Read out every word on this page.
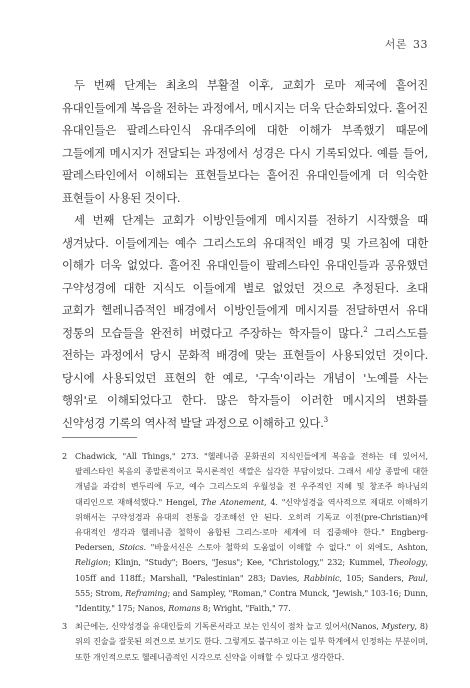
서론 33

두 번째 단계는 최초의 부활절 이후, 교회가 로마 제국에 흩어진 유대인들에게 복음을 전하는 과정에서, 메시지는 더욱 단순화되었다. 흩어진 유대인들은 팔레스타인식 유대주의에 대한 이해가 부족했기 때문에 그들에게 메시지가 전달되는 과정에서 성경은 다시 기록되었다. 예를 들어, 팔레스타인에서 이해되는 표현들보다는 흩어진 유대인들에게 더 익숙한 표현들이 사용된 것이다.

세 번째 단계는 교회가 이방인들에게 메시지를 전하기 시작했을 때 생겨났다. 이들에게는 예수 그리스도의 유대적인 배경 및 가르침에 대한 이해가 더욱 없었다. 흩어진 유대인들이 팔레스타인 유대인들과 공유했던 구약성경에 대한 지식도 이들에게 별로 없었던 것으로 추정된다. 초대 교회가 헬레니즘적인 배경에서 이방인들에게 메시지를 전달하면서 유대 정통의 모습들을 완전히 버렸다고 주장하는 학자들이 많다.$^2$ 그리스도를 전하는 과정에서 당시 문화적 배경에 맞는 표현들이 사용되었던 것이다. 당시에 사용되었던 표현의 한 예로, '구속'이라는 개념이 '노예를 사는 행위'로 이해되었다고 한다. 많은 학자들이 이러한 메시지의 변화를 신약성경 기록의 역사적 발달 과정으로 이해하고 있다.$^3$

2 Chadwick, "All Things," 273. "헬레니즘 문화권의 지식인들에게 복음을 전하는 데 있어서, 팔레스타인 복음의 종말론적이고 묵시론적인 색깔은 심각한 부담이었다. 그래서 세상 종말에 대한 개념을 과감히 변두리에 두고, 예수 그리스도의 우월성을 전 우주적인 지혜 및 창조주 하나님의 대리인으로 재해석했다." Hengel, The Atonement, 4. "신약성경을 역사적으로 제대로 이해하기 위해서는 구약성경과 유대의 전통을 강조해선 안 된다. 오히려 기독교 이전(pre-Christian)에 유대적인 생각과 헬레니즘 철학이 융합된 그리스-로마 세계에 더 집중해야 한다." Engberg-Pedersen, Stoics. "바울서신은 스토아 철학의 도움없이 이해할 수 없다." 이 외에도, Ashton, Religion; Klinjn, "Study"; Boers, "Jesus"; Kee, "Christology," 232; Kummel, Theology, 105ff and 118ff.; Marshall, "Palestinian" 283; Davies, Rabbinic, 105; Sanders, Paul, 555; Strom, Reframing; and Sampley, "Roman," Contra Munck, "Jewish," 103-16; Dunn, "Identity," 175; Nanos, Romans 8; Wright, "Faith," 77.
3 최근에는, 신약성경을 유대인들의 기독론서라고 보는 인식이 점차 늘고 있어서(Nanos, Mystery, 8) 위의 진술을 잘못된 의견으로 보기도 한다. 그렇게도 불구하고 이는 일부 학계에서 인정하는 부분이며, 또한 개인적으로도 헬레니즘적인 시각으로 신약을 이해할 수 있다고 생각한다.
